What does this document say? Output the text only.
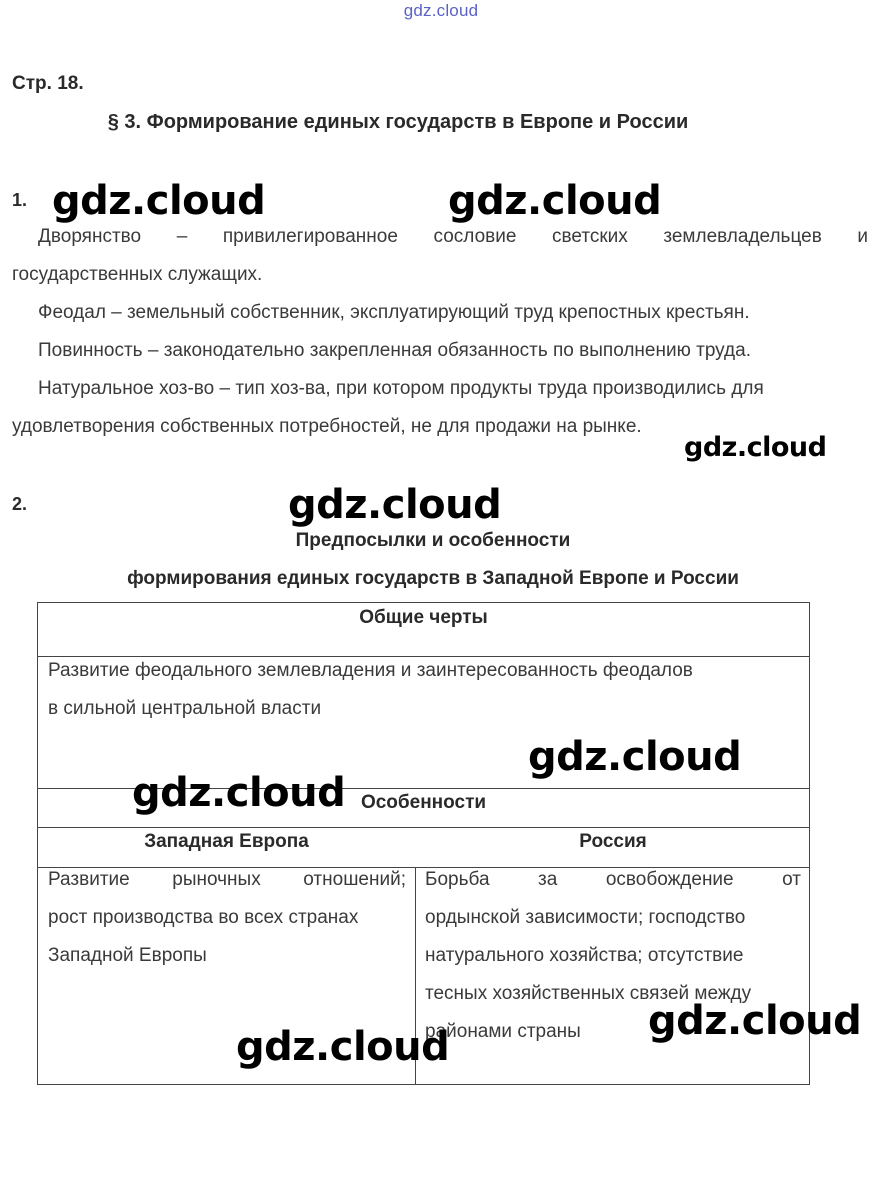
gdz.cloud
Стр. 18.
§ 3. Формирование единых государств в Европе и России
1.
Дворянство – привилегированное сословие светских землевладельцев и
государственных служащих.
Феодал – земельный собственник, эксплуатирующий труд крепостных крестьян.
Повинность – законодательно закрепленная обязанность по выполнению труда.
Натуральное хоз-во – тип хоз-ва, при котором продукты труда производились для
удовлетворения собственных потребностей, не для продажи на рынке.
2.
Предпосылки и особенности
формирования единых государств в Западной Европе и России
Общие черты
Развитие феодального землевладения и заинтересованность феодалов
в сильной центральной власти
Особенности
Западная Европа	Россия
Развитие рыночных отношений;
рост производства во всех странах
Западной Европы
Борьба за освобождение от
ордынской зависимости; господство
натурального хозяйства; отсутствие
тесных хозяйственных связей между
районами страны
gdz.cloud	gdz.cloud
gdz.cloud
gdz.cloud
gdz.cloud
gdz.cloud
gdz.cloud
gdz.cloud
